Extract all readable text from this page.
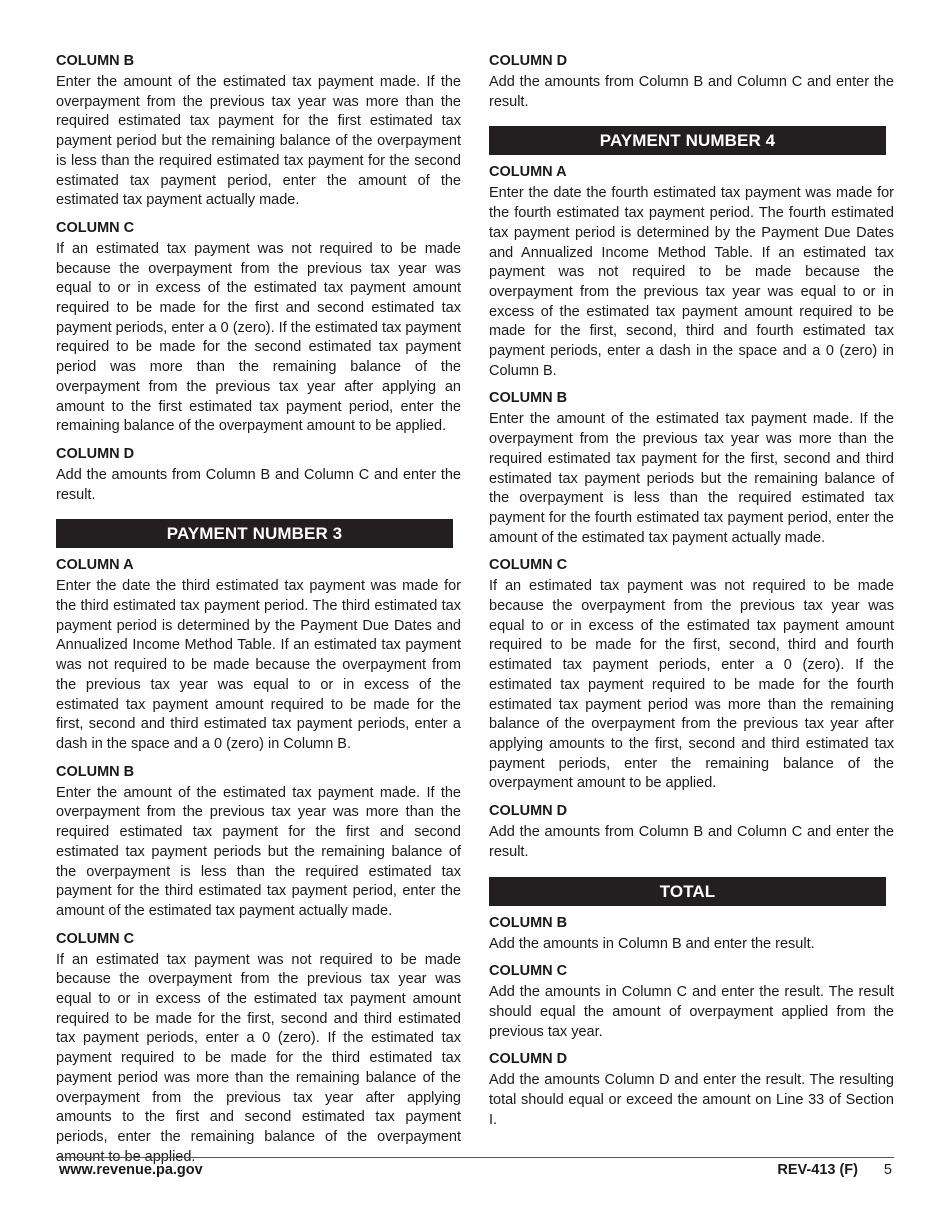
COLUMN B

Enter the amount of the estimated tax payment made. If the overpayment from the previous tax year was more than the required estimated tax payment for the first estimated tax payment period but the remaining balance of the overpayment is less than the required estimated tax payment for the second estimated tax payment period, enter the amount of the estimated tax payment actually made.

COLUMN C

If an estimated tax payment was not required to be made because the overpayment from the previous tax year was equal to or in excess of the estimated tax payment amount required to be made for the first and second estimated tax payment periods, enter a 0 (zero). If the estimated tax payment required to be made for the second estimated tax payment period was more than the remaining balance of the overpayment from the previous tax year after applying an amount to the first estimated tax payment period, enter the remaining balance of the overpayment amount to be applied.

COLUMN D

Add the amounts from Column B and Column C and enter the result.

PAYMENT NUMBER 3
COLUMN A

Enter the date the third estimated tax payment was made for the third estimated tax payment period. The third estimated tax payment period is determined by the Payment Due Dates and Annualized Income Method Table. If an estimated tax payment was not required to be made because the overpayment from the previous tax year was equal to or in excess of the estimated tax payment amount required to be made for the first, second and third estimated tax payment periods, enter a dash in the space and a 0 (zero) in Column B.

COLUMN B

Enter the amount of the estimated tax payment made. If the overpayment from the previous tax year was more than the required estimated tax payment for the first and second estimated tax payment periods but the remaining balance of the overpayment is less than the required estimated tax payment for the third estimated tax payment period, enter the amount of the estimated tax payment actually made.

COLUMN C

If an estimated tax payment was not required to be made because the overpayment from the previous tax year was equal to or in excess of the estimated tax payment amount required to be made for the first, second and third estimated tax payment periods, enter a 0 (zero). If the estimated tax payment required to be made for the third estimated tax payment period was more than the remaining balance of the overpayment from the previous tax year after applying amounts to the first and second estimated tax payment periods, enter the remaining balance of the overpayment amount to be applied.

COLUMN D

Add the amounts from Column B and Column C and enter the result.

PAYMENT NUMBER 4
COLUMN A

Enter the date the fourth estimated tax payment was made for the fourth estimated tax payment period. The fourth estimated tax payment period is determined by the Payment Due Dates and Annualized Income Method Table. If an estimated tax payment was not required to be made because the overpayment from the previous tax year was equal to or in excess of the estimated tax payment amount required to be made for the first, second, third and fourth estimated tax payment periods, enter a dash in the space and a 0 (zero) in Column B.

COLUMN B

Enter the amount of the estimated tax payment made. If the overpayment from the previous tax year was more than the required estimated tax payment for the first, second and third estimated tax payment periods but the remaining balance of the overpayment is less than the required estimated tax payment for the fourth estimated tax payment period, enter the amount of the estimated tax payment actually made.

COLUMN C

If an estimated tax payment was not required to be made because the overpayment from the previous tax year was equal to or in excess of the estimated tax payment amount required to be made for the first, second, third and fourth estimated tax payment periods, enter a 0 (zero). If the estimated tax payment required to be made for the fourth estimated tax payment period was more than the remaining balance of the overpayment from the previous tax year after applying amounts to the first, second and third estimated tax payment periods, enter the remaining balance of the overpayment amount to be applied.

COLUMN D

Add the amounts from Column B and Column C and enter the result.

TOTAL
COLUMN B

Add the amounts in Column B and enter the result.

COLUMN C

Add the amounts in Column C and enter the result. The result should equal the amount of overpayment applied from the previous tax year.

COLUMN D

Add the amounts Column D and enter the result. The resulting total should equal or exceed the amount on Line 33 of Section I.

www.revenue.pa.gov	REV-413 (F) 5
